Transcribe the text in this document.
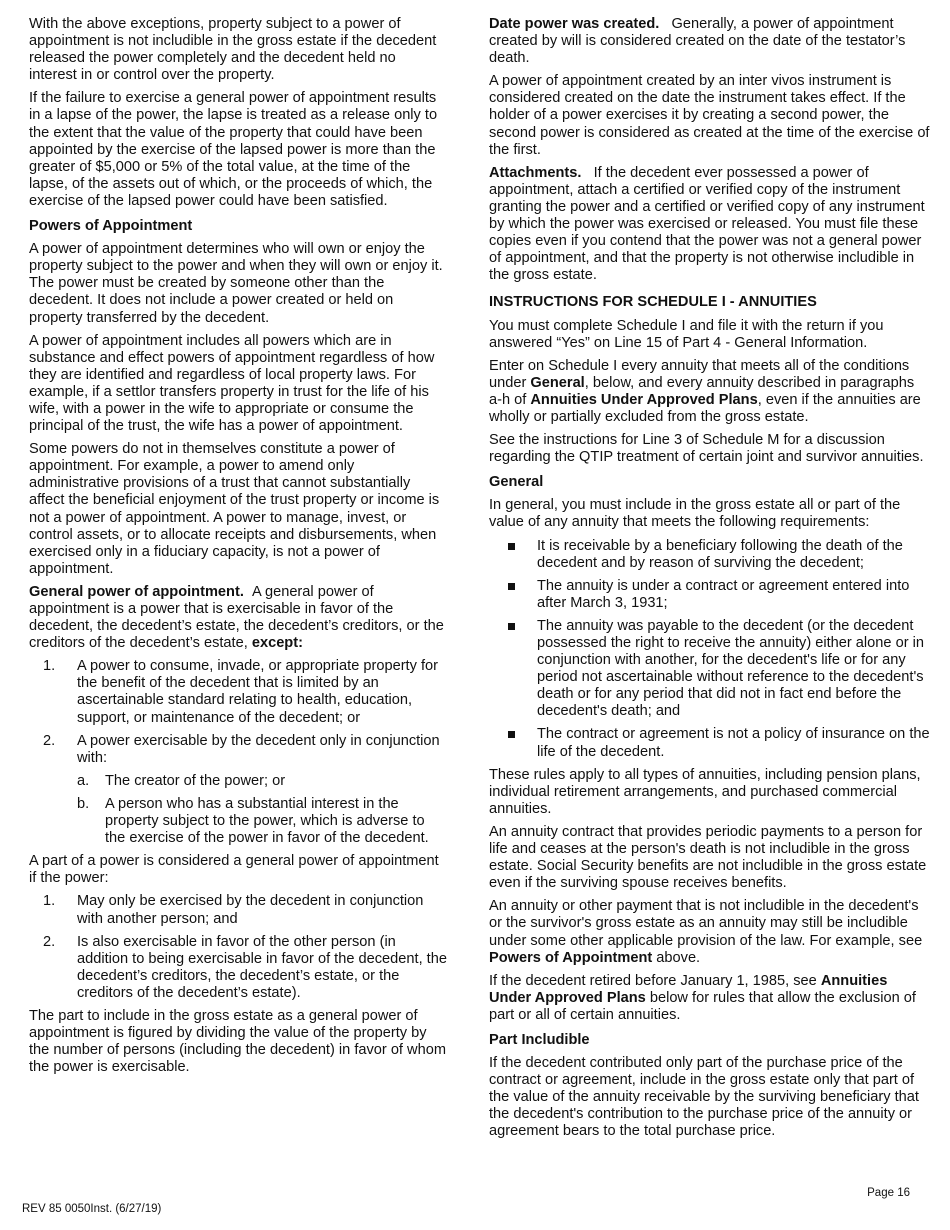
With the above exceptions, property subject to a power of appointment is not includible in the gross estate if the decedent released the power completely and the decedent held no interest in or control over the property.

If the failure to exercise a general power of appointment results in a lapse of the power, the lapse is treated as a release only to the extent that the value of the property that could have been appointed by the exercise of the lapsed power is more than the greater of $5,000 or 5% of the total value, at the time of the lapse, of the assets out of which, or the proceeds of which, the exercise of the lapsed power could have been satisfied.

Powers of Appointment

A power of appointment determines who will own or enjoy the property subject to the power and when they will own or enjoy it. The power must be created by someone other than the decedent. It does not include a power created or held on property transferred by the decedent.

A power of appointment includes all powers which are in substance and effect powers of appointment regardless of how they are identified and regardless of local property laws. For example, if a settlor transfers property in trust for the life of his wife, with a power in the wife to appropriate or consume the principal of the trust, the wife has a power of appointment.

Some powers do not in themselves constitute a power of appointment. For example, a power to amend only administrative provisions of a trust that cannot substantially affect the beneficial enjoyment of the trust property or income is not a power of appointment. A power to manage, invest, or control assets, or to allocate receipts and disbursements, when exercised only in a fiduciary capacity, is not a power of appointment.

General power of appointment. A general power of appointment is a power that is exercisable in favor of the decedent, the decedent’s estate, the decedent’s creditors, or the creditors of the decedent’s estate, except:

1. A power to consume, invade, or appropriate property for the benefit of the decedent that is limited by an ascertainable standard relating to health, education, support, or maintenance of the decedent; or
2. A power exercisable by the decedent only in conjunction with:
a. The creator of the power; or
b. A person who has a substantial interest in the property subject to the power, which is adverse to the exercise of the power in favor of the decedent.

A part of a power is considered a general power of appointment if the power:

1. May only be exercised by the decedent in conjunction with another person; and
2. Is also exercisable in favor of the other person (in addition to being exercisable in favor of the decedent, the decedent’s creditors, the decedent’s estate, or the creditors of the decedent’s estate).

The part to include in the gross estate as a general power of appointment is figured by dividing the value of the property by the number of persons (including the decedent) in favor of whom the power is exercisable.

Date power was created. Generally, a power of appointment created by will is considered created on the date of the testator’s death.

A power of appointment created by an inter vivos instrument is considered created on the date the instrument takes effect. If the holder of a power exercises it by creating a second power, the second power is considered as created at the time of the exercise of the first.

Attachments. If the decedent ever possessed a power of appointment, attach a certified or verified copy of the instrument granting the power and a certified or verified copy of any instrument by which the power was exercised or released. You must file these copies even if you contend that the power was not a general power of appointment, and that the property is not otherwise includible in the gross estate.

INSTRUCTIONS FOR SCHEDULE I - ANNUITIES

You must complete Schedule I and file it with the return if you answered “Yes” on Line 15 of Part 4 - General Information.

Enter on Schedule I every annuity that meets all of the conditions under General, below, and every annuity described in paragraphs a-h of Annuities Under Approved Plans, even if the annuities are wholly or partially excluded from the gross estate.

See the instructions for Line 3 of Schedule M for a discussion regarding the QTIP treatment of certain joint and survivor annuities.

General

In general, you must include in the gross estate all or part of the value of any annuity that meets the following requirements:

It is receivable by a beneficiary following the death of the decedent and by reason of surviving the decedent;
The annuity is under a contract or agreement entered into after March 3, 1931;
The annuity was payable to the decedent (or the decedent possessed the right to receive the annuity) either alone or in conjunction with another, for the decedent's life or for any period not ascertainable without reference to the decedent's death or for any period that did not in fact end before the decedent's death; and
The contract or agreement is not a policy of insurance on the life of the decedent.

These rules apply to all types of annuities, including pension plans, individual retirement arrangements, and purchased commercial annuities.

An annuity contract that provides periodic payments to a person for life and ceases at the person's death is not includible in the gross estate. Social Security benefits are not includible in the gross estate even if the surviving spouse receives benefits.

An annuity or other payment that is not includible in the decedent's or the survivor's gross estate as an annuity may still be includible under some other applicable provision of the law. For example, see Powers of Appointment above.

If the decedent retired before January 1, 1985, see Annuities Under Approved Plans below for rules that allow the exclusion of part or all of certain annuities.

Part Includible

If the decedent contributed only part of the purchase price of the contract or agreement, include in the gross estate only that part of the value of the annuity receivable by the surviving beneficiary that the decedent's contribution to the purchase price of the annuity or agreement bears to the total purchase price.

Page 16
REV 85 0050Inst. (6/27/19)
